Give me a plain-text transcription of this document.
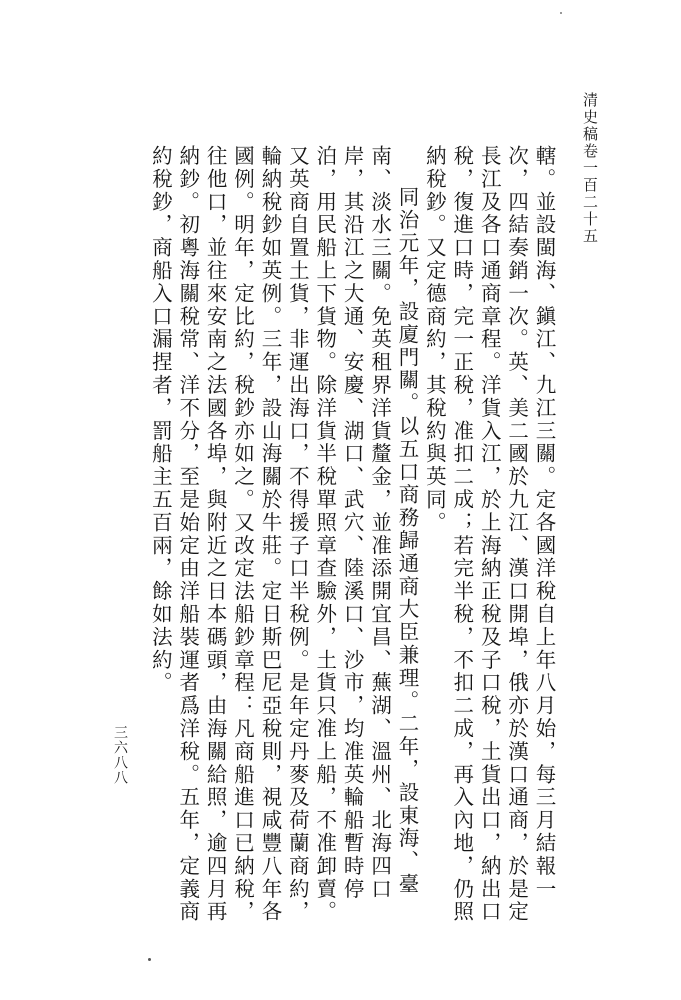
清史稿卷一百二十五

轄。並設閩海、鎭江、九江三關。定各國洋稅自上年八月始，每三月結報一次，四結奏銷一次。英、美二國於九江、漢口開埠，俄亦於漢口通商，於是定長江及各口通商章程。洋貨入江，於上海納正稅及子口稅，土貨出口，納出口稅，復進口時，完一正稅，准扣二成；若完半稅，不扣二成，再入內地，仍照納稅鈔。又定德商約，其稅約與英同。

同治元年，設廈門關。以五口商務歸通商大臣兼理。二年，設東海、臺南、淡水三關。免英租界洋貨釐金，並准添開宜昌、蕪湖、溫州、北海四口岸，其沿江之大通、安慶、湖口、武穴、陸溪口、沙市，均准英輪船暫時停泊，用民船上下貨物。除洋貨半稅單照章查驗外，土貨只准上船，不准卸賣。又英商自置土貨，非運出海口，不得援子口半稅例。是年定丹麥及荷蘭商約，輪納稅鈔如英例。三年，設山海關於牛莊。定日斯巴尼亞稅則，視咸豐八年各國例。明年，定比約，稅鈔亦如之。又改定法船鈔章程：凡商船進口已納稅，往他口，並往來安南之法國各埠，與附近之日本碼頭，由海關給照，逾四月再納鈔。初粵海關稅常、洋不分，至是始定由洋船裝運者爲洋稅。五年，定義商約稅鈔，商船入口漏捏者，罰船主五百兩，餘如法約。

三六八八
